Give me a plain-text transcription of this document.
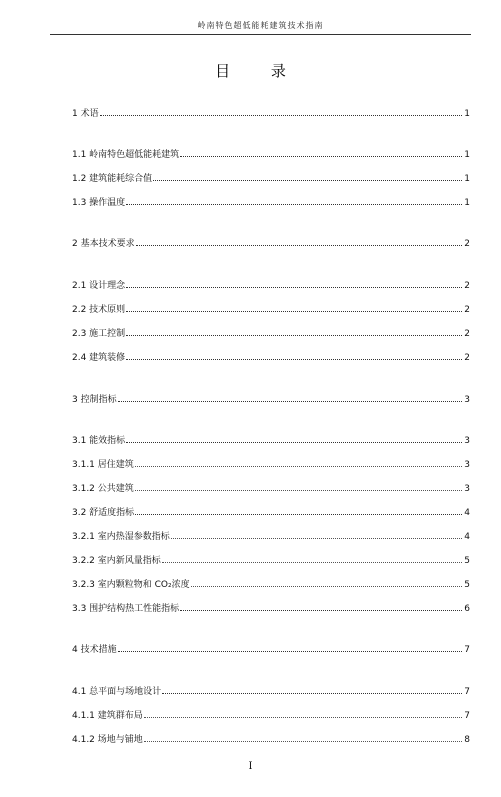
岭南特色超低能耗建筑技术指南
目 录
1 术语	1
1.1 岭南特色超低能耗建筑	1
1.2 建筑能耗综合值	1
1.3 操作温度	1
2 基本技术要求	2
2.1 设计理念	2
2.2 技术原则	2
2.3 施工控制	2
2.4 建筑装修	2
3 控制指标	3
3.1 能效指标	3
3.1.1 居住建筑	3
3.1.2 公共建筑	3
3.2 舒适度指标	4
3.2.1 室内热湿参数指标	4
3.2.2 室内新风量指标	5
3.2.3 室内颗粒物和 CO₂浓度	5
3.3 围护结构热工性能指标	6
4 技术措施	7
4.1 总平面与场地设计	7
4.1.1 建筑群布局	7
4.1.2 场地与铺地	8
I
